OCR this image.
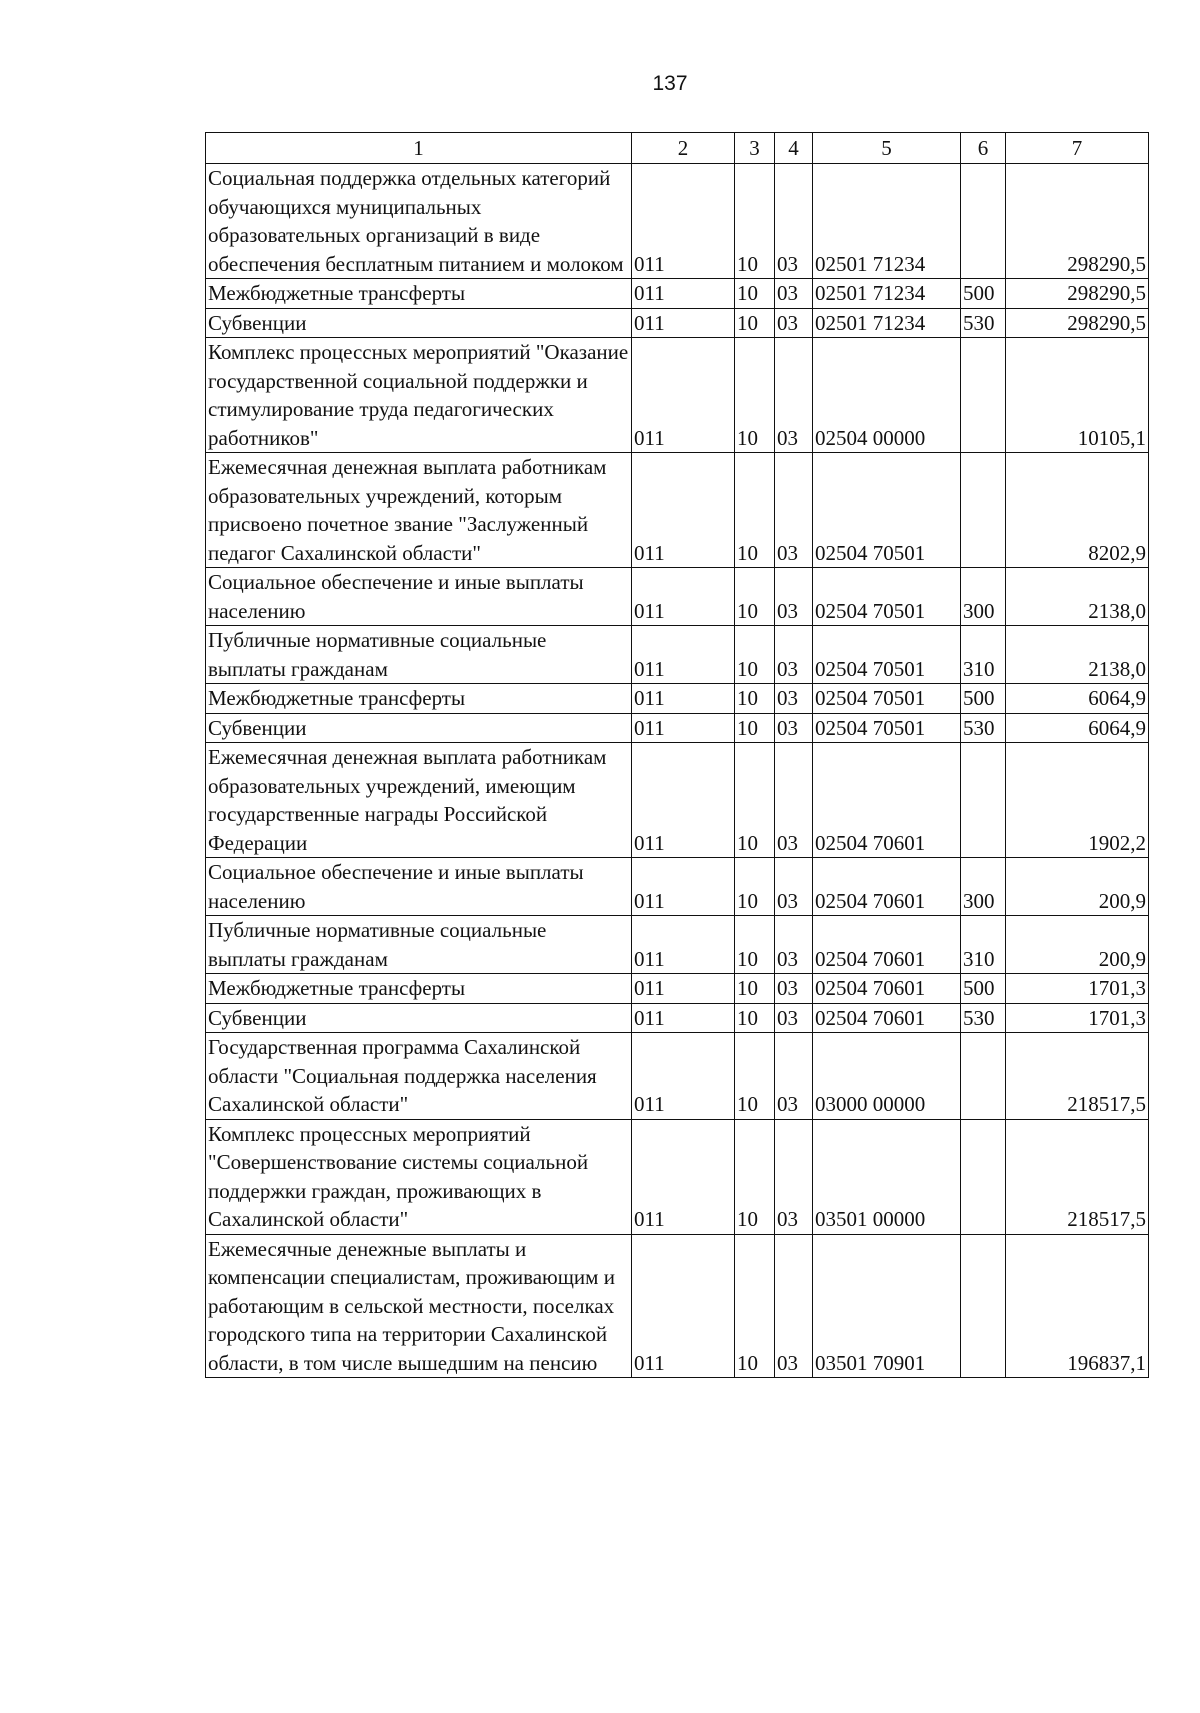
137
1	2	3	4	5	6	7
Социальная поддержка отдельных категорий обучающихся муниципальных образовательных организаций в виде обеспечения бесплатным питанием и молоком	011	10	03	02501 71234		298290,5
Межбюджетные трансферты	011	10	03	02501 71234	500	298290,5
Субвенции	011	10	03	02501 71234	530	298290,5
Комплекс процессных мероприятий "Оказание государственной социальной поддержки и стимулирование труда педагогических работников"	011	10	03	02504 00000		10105,1
Ежемесячная денежная выплата работникам образовательных учреждений, которым присвоено почетное звание "Заслуженный педагог Сахалинской области"	011	10	03	02504 70501		8202,9
Социальное обеспечение и иные выплаты населению	011	10	03	02504 70501	300	2138,0
Публичные нормативные социальные выплаты гражданам	011	10	03	02504 70501	310	2138,0
Межбюджетные трансферты	011	10	03	02504 70501	500	6064,9
Субвенции	011	10	03	02504 70501	530	6064,9
Ежемесячная денежная выплата работникам образовательных учреждений, имеющим государственные награды Российской Федерации	011	10	03	02504 70601		1902,2
Социальное обеспечение и иные выплаты населению	011	10	03	02504 70601	300	200,9
Публичные нормативные социальные выплаты гражданам	011	10	03	02504 70601	310	200,9
Межбюджетные трансферты	011	10	03	02504 70601	500	1701,3
Субвенции	011	10	03	02504 70601	530	1701,3
Государственная программа Сахалинской области "Социальная поддержка населения Сахалинской области"	011	10	03	03000 00000		218517,5
Комплекс процессных мероприятий "Совершенствование системы социальной поддержки граждан, проживающих в Сахалинской области"	011	10	03	03501 00000		218517,5
Ежемесячные денежные выплаты и компенсации специалистам, проживающим и работающим в сельской местности, поселках городского типа на территории Сахалинской области, в том числе вышедшим на пенсию	011	10	03	03501 70901		196837,1
